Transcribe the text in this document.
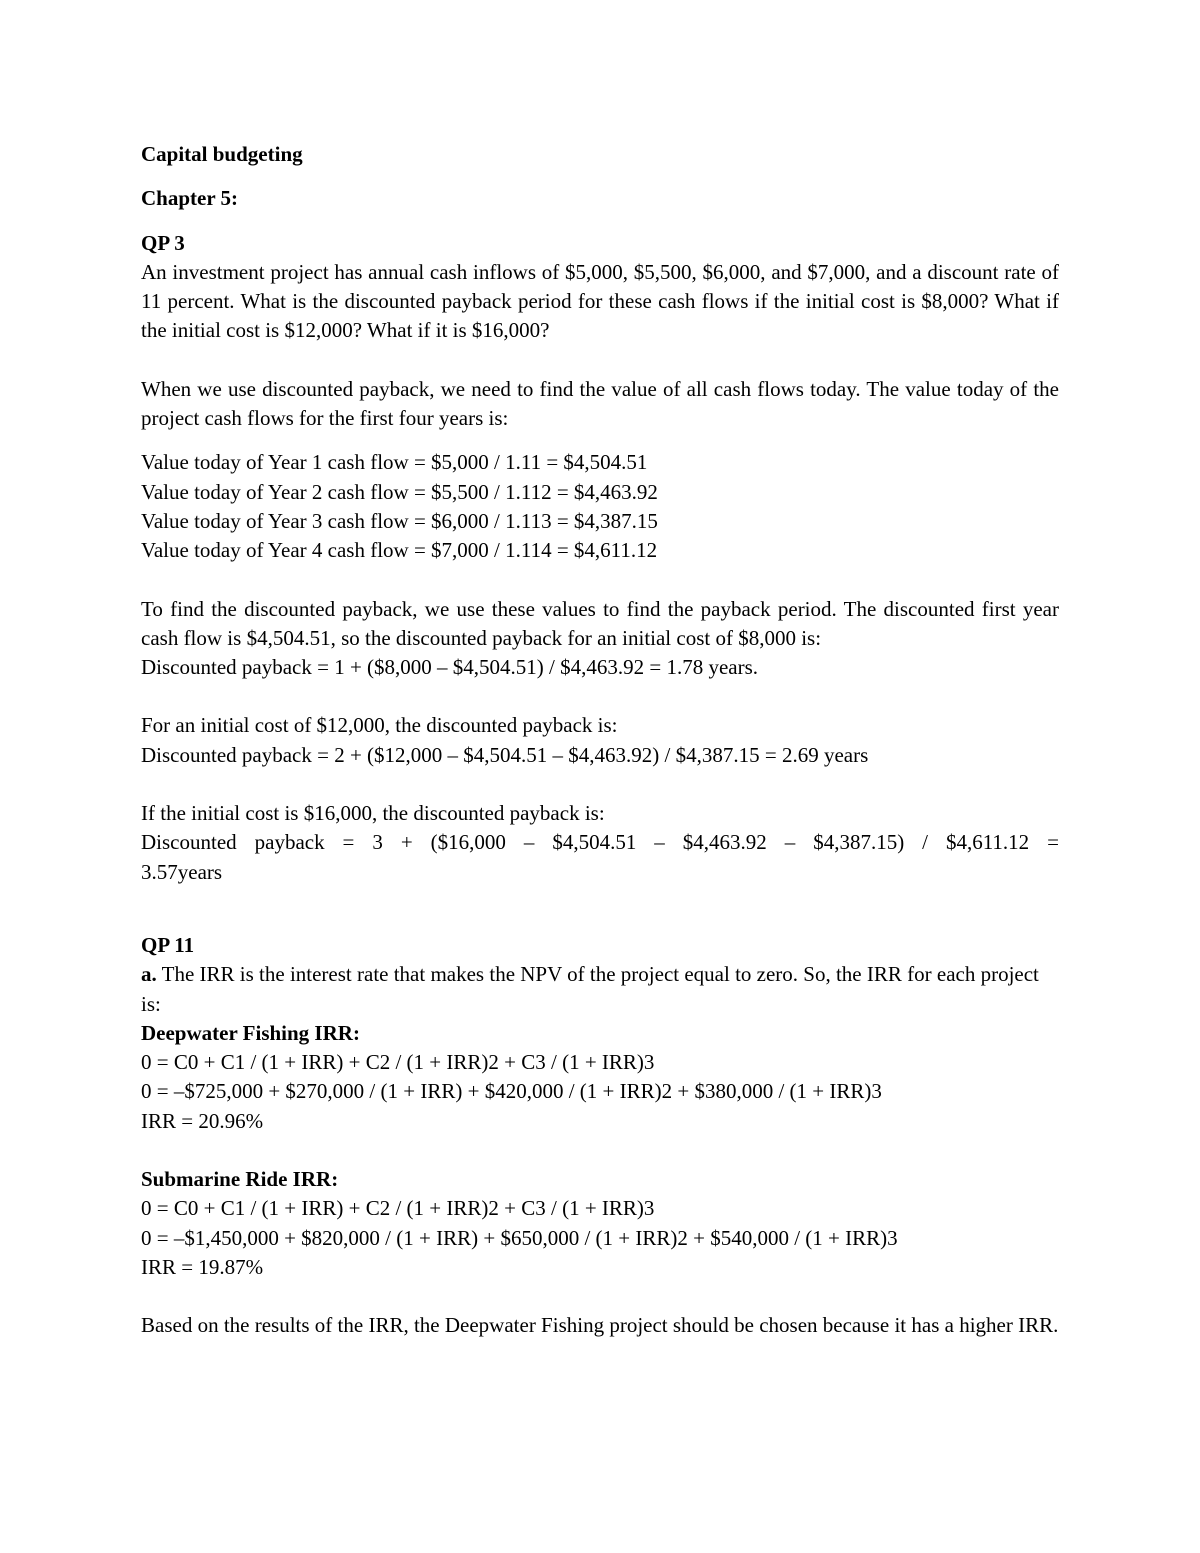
Capital budgeting

Chapter 5:

QP 3

An investment project has annual cash inflows of $5,000, $5,500, $6,000, and $7,000, and a discount rate of 11 percent. What is the discounted payback period for these cash flows if the initial cost is $8,000? What if the initial cost is $12,000? What if it is $16,000?

When we use discounted payback, we need to find the value of all cash flows today. The value today of the project cash flows for the first four years is:

Value today of Year 1 cash flow = $5,000 / 1.11 = $4,504.51
Value today of Year 2 cash flow = $5,500 / 1.112 = $4,463.92
Value today of Year 3 cash flow = $6,000 / 1.113 = $4,387.15
Value today of Year 4 cash flow = $7,000 / 1.114 = $4,611.12

To find the discounted payback, we use these values to find the payback period. The discounted first year cash flow is $4,504.51, so the discounted payback for an initial cost of $8,000 is:

Discounted payback = 1 + ($8,000 – $4,504.51) / $4,463.92 = 1.78 years.

For an initial cost of $12,000, the discounted payback is:

Discounted payback = 2 + ($12,000 – $4,504.51 – $4,463.92) / $4,387.15 = 2.69 years

If the initial cost is $16,000, the discounted payback is:

Discounted payback = 3 + ($16,000 – $4,504.51 – $4,463.92 – $4,387.15) / $4,611.12 =

3.57years

QP 11

a. The IRR is the interest rate that makes the NPV of the project equal to zero. So, the IRR for each project is:

Deepwater Fishing IRR:

0 = C0 + C1 / (1 + IRR) + C2 / (1 + IRR)2 + C3 / (1 + IRR)3

0 = –$725,000 + $270,000 / (1 + IRR) + $420,000 / (1 + IRR)2 + $380,000 / (1 + IRR)3

IRR = 20.96%

Submarine Ride IRR:

0 = C0 + C1 / (1 + IRR) + C2 / (1 + IRR)2 + C3 / (1 + IRR)3

0 = –$1,450,000 + $820,000 / (1 + IRR) + $650,000 / (1 + IRR)2 + $540,000 / (1 + IRR)3

IRR = 19.87%

Based on the results of the IRR, the Deepwater Fishing project should be chosen because it has a higher IRR.
